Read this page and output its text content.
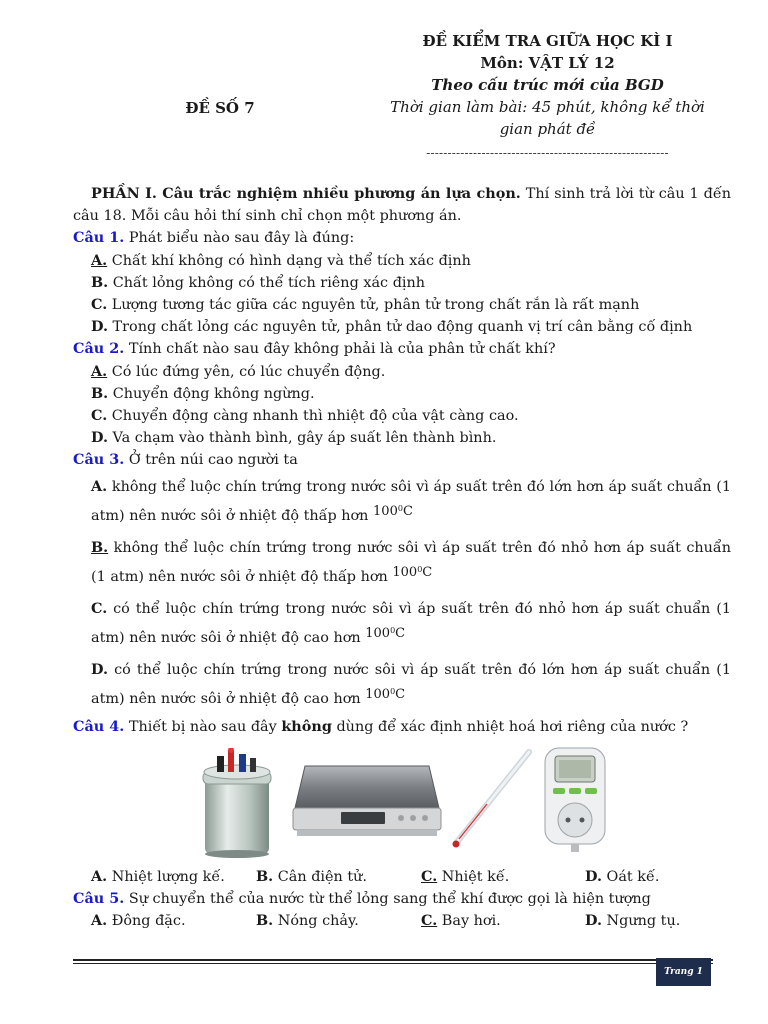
ĐỀ SỐ 7
ĐỀ KIỂM TRA GIỮA HỌC KÌ I
Môn: VẬT LÝ 12
Theo cấu trúc mới của BGD
Thời gian làm bài: 45 phút, không kể thời
gian phát đề
---------------------------------------------------------

PHẦN I. Câu trắc nghiệm nhiều phương án lựa chọn. Thí sinh trả lời từ câu 1 đến câu 18. Mỗi câu hỏi thí sinh chỉ chọn một phương án.

Câu 1. Phát biểu nào sau đây là đúng:

A. Chất khí không có hình dạng và thể tích xác định

B. Chất lỏng không có thể tích riêng xác định

C. Lượng tương tác giữa các nguyên tử, phân tử trong chất rắn là rất mạnh

D. Trong chất lỏng các nguyên tử, phân tử dao động quanh vị trí cân bằng cố định

Câu 2. Tính chất nào sau đây không phải là của phân tử chất khí?

A. Có lúc đứng yên, có lúc chuyển động.

B. Chuyển động không ngừng.

C. Chuyển động càng nhanh thì nhiệt độ của vật càng cao.

D. Va chạm vào thành bình, gây áp suất lên thành bình.

Câu 3. Ở trên núi cao người ta

A. không thể luộc chín trứng trong nước sôi vì áp suất trên đó lớn hơn áp suất chuẩn (1 atm) nên nước sôi ở nhiệt độ thấp hơn $100^0C$

B. không thể luộc chín trứng trong nước sôi vì áp suất trên đó nhỏ hơn áp suất chuẩn (1 atm) nên nước sôi ở nhiệt độ thấp hơn $100^0C$

C. có thể luộc chín trứng trong nước sôi vì áp suất trên đó nhỏ hơn áp suất chuẩn (1 atm) nên nước sôi ở nhiệt độ cao hơn $100^0C$

D. có thể luộc chín trứng trong nước sôi vì áp suất trên đó lớn hơn áp suất chuẩn (1 atm) nên nước sôi ở nhiệt độ cao hơn $100^0C$

Câu 4. Thiết bị nào sau đây không dùng để xác định nhiệt hoá hơi riêng của nước ?

A. Nhiệt lượng kế. B. Cân điện tử.	C. Nhiệt kế.	D. Oát kế.

Câu 5. Sự chuyển thể của nước từ thể lỏng sang thể khí được gọi là hiện tượng

A. Đông đặc.	B. Nóng chảy.	C. Bay hơi.	D. Ngưng tụ.
Trang 1
